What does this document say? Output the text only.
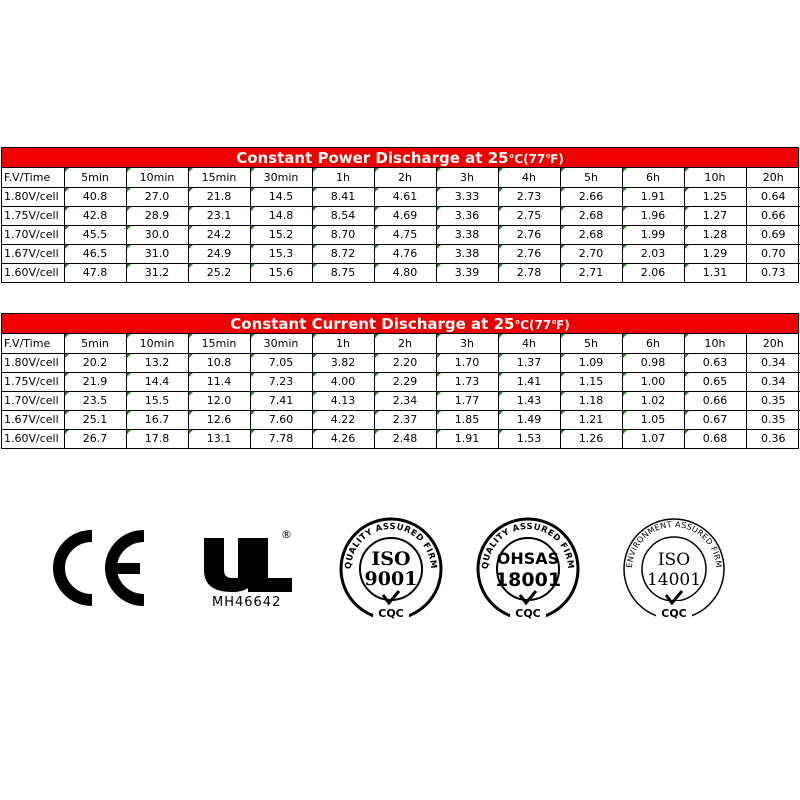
Constant Power Discharge at 25℃(77℉)
F.V/Time	5min	10min	15min	30min	1h	2h	3h	4h	5h	6h	10h	20h
1.80V/cell	40.8	27.0	21.8	14.5	8.41	4.61	3.33	2.73	2.66	1.91	1.25	0.64
1.75V/cell	42.8	28.9	23.1	14.8	8.54	4.69	3.36	2.75	2.68	1.96	1.27	0.66
1.70V/cell	45.5	30.0	24.2	15.2	8.70	4.75	3.38	2.76	2.68	1.99	1.28	0.69
1.67V/cell	46.5	31.0	24.9	15.3	8.72	4.76	3.38	2.76	2.70	2.03	1.29	0.70
1.60V/cell	47.8	31.2	25.2	15.6	8.75	4.80	3.39	2.78	2.71	2.06	1.31	0.73
Constant Current Discharge at 25℃(77℉)
F.V/Time	5min	10min	15min	30min	1h	2h	3h	4h	5h	6h	10h	20h
1.80V/cell	20.2	13.2	10.8	7.05	3.82	2.20	1.70	1.37	1.09	0.98	0.63	0.34
1.75V/cell	21.9	14.4	11.4	7.23	4.00	2.29	1.73	1.41	1.15	1.00	0.65	0.34
1.70V/cell	23.5	15.5	12.0	7.41	4.13	2.34	1.77	1.43	1.18	1.02	0.66	0.35
1.67V/cell	25.1	16.7	12.6	7.60	4.22	2.37	1.85	1.49	1.21	1.05	0.67	0.35
1.60V/cell	26.7	17.8	13.1	7.78	4.26	2.48	1.91	1.53	1.26	1.07	0.68	0.36
®
MH46642
QUALITY ASSURED FIRM
ISO
9001
CQC
QUALITY ASSURED FIRM
OHSAS
18001
CQC
ENVIRONMENT ASSURED FIRM
ISO
14001
CQC
